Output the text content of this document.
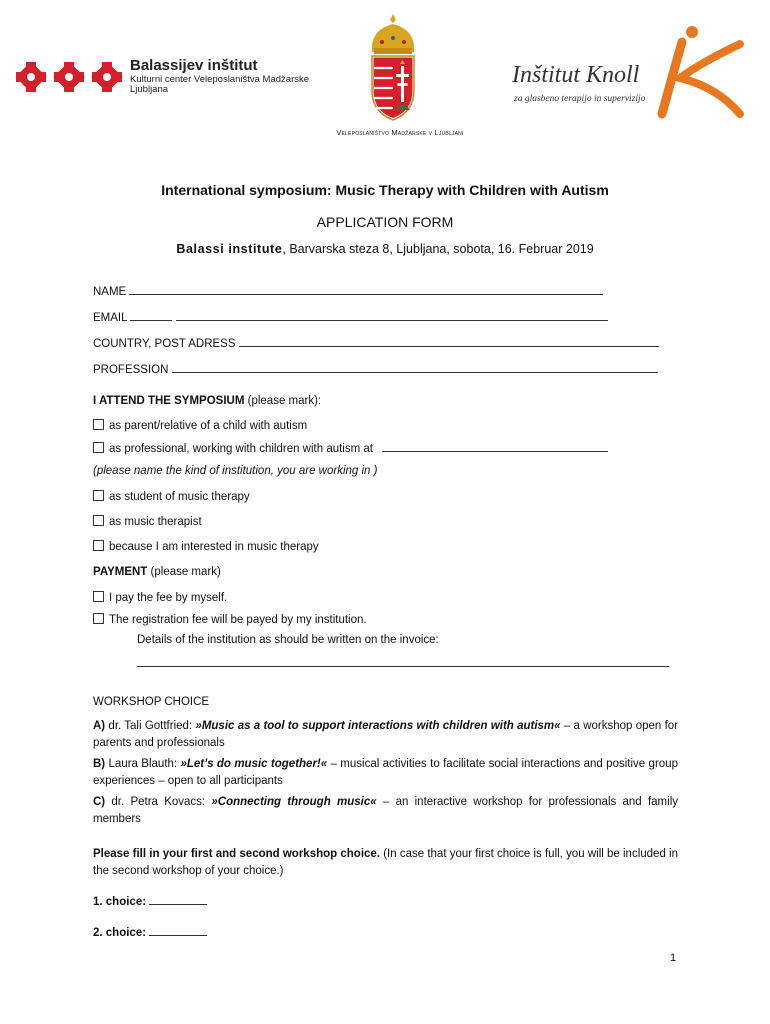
Balassijev inštitut
Kulturni center Veleposlaništva Madžarske
Ljubljana
Veleposlaništvo Madžarske v Ljubljani
Inštitut Knoll
za glasbeno terapijo in supervizijo
International symposium: Music Therapy with Children with Autism
APPLICATION FORM
Balassi institute, Barvarska steza 8, Ljubljana, sobota, 16. Februar 2019
NAME
EMAIL
COUNTRY, POST ADRESS
PROFESSION
I ATTEND THE SYMPOSIUM (please mark):
as parent/relative of a child with autism
as professional, working with children with autism at
(please name the kind of institution, you are working in )
as student of music therapy
as music therapist
because I am interested in music therapy
PAYMENT (please mark)
I pay the fee by myself.
The registration fee will be payed by my institution.
Details of the institution as should be written on the invoice:
WORKSHOP CHOICE
A) dr. Tali Gottfried: »Music as a tool to support interactions with children with autism« – a workshop open for parents and professionals
B) Laura Blauth: »Let’s do music together!« – musical activities to facilitate social interactions and positive group experiences – open to all participants
C) dr. Petra Kovacs: »Connecting through music« – an interactive workshop for professionals and family members
Please fill in your first and second workshop choice. (In case that your first choice is full, you will be included in the second workshop of your choice.)
1. choice:
2. choice:
1
